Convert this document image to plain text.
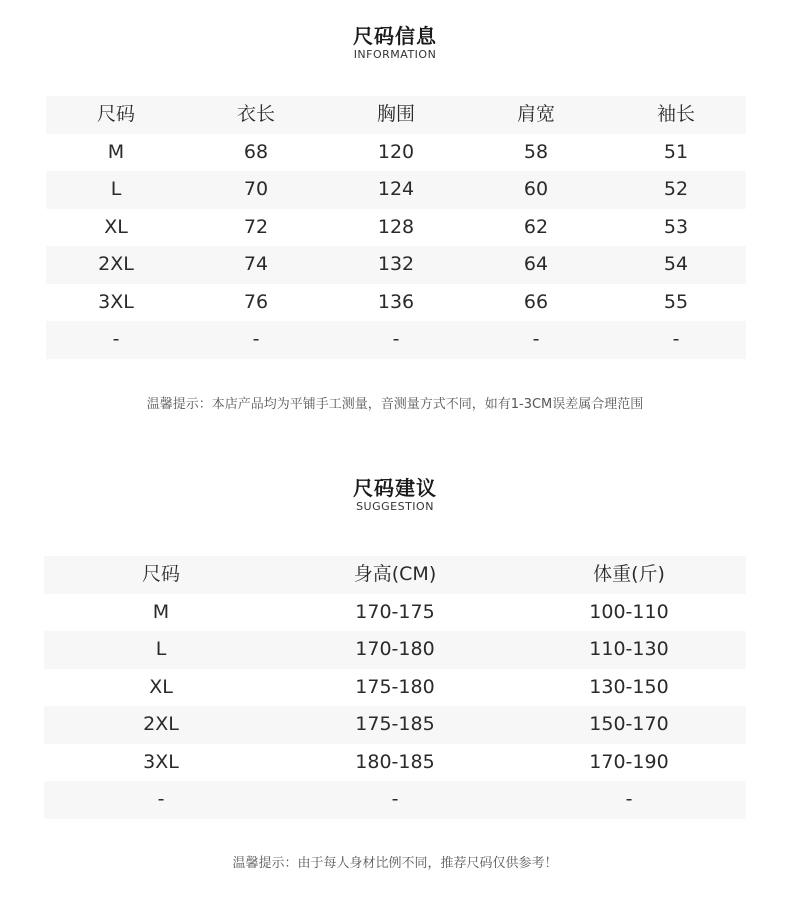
尺码信息
INFORMATION
尺码	衣长	胸围	肩宽	袖长
M	68	120	58	51
L	70	124	60	52
XL	72	128	62	53
2XL	74	132	64	54
3XL	76	136	66	55
-	-	-	-	-
温馨提示：本店产品均为平铺手工测量，音测量方式不同，如有1-3CM误差属合理范围
尺码建议
SUGGESTION
尺码	身高(CM)	体重(斤)
M	170-175	100-110
L	170-180	110-130
XL	175-180	130-150
2XL	175-185	150-170
3XL	180-185	170-190
-	-	-
温馨提示：由于每人身材比例不同，推荐尺码仅供参考！
